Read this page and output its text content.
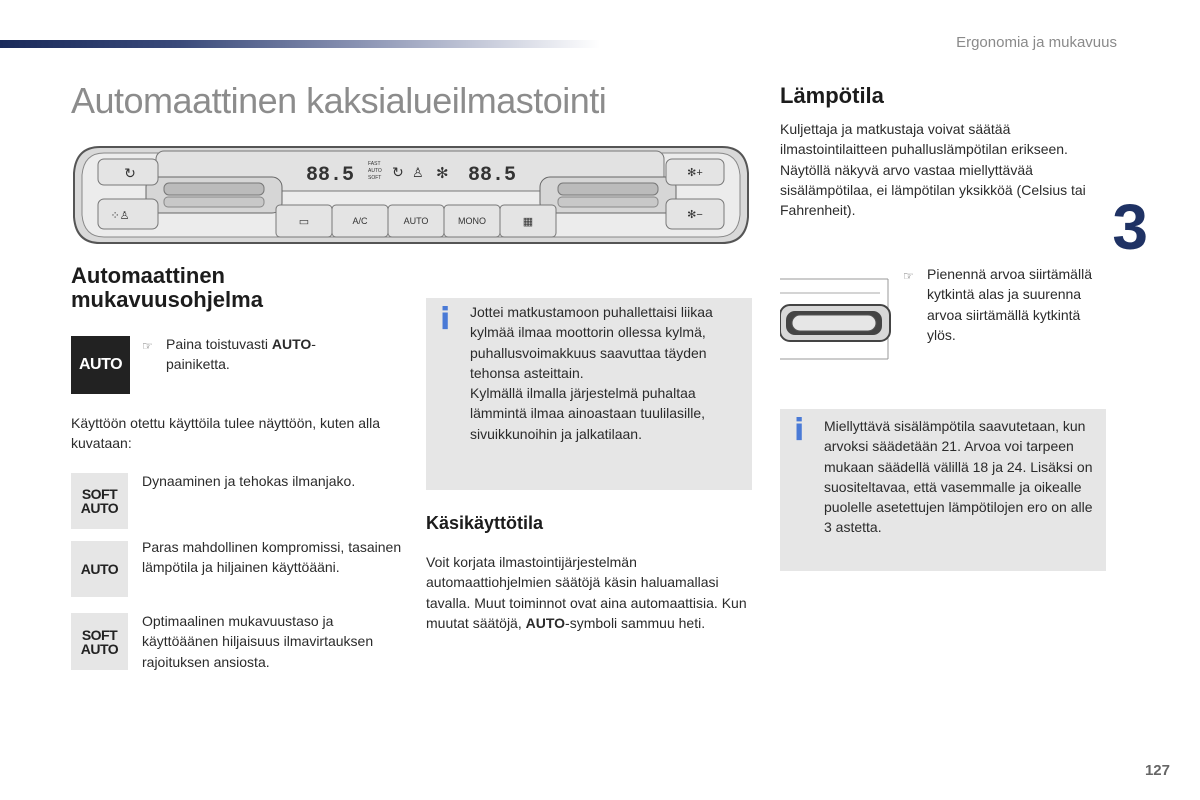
Ergonomia ja mukavuus
3
127
Automaattinen kaksialueilmastointi
↻
⁘♙
✻+
✻−
88.5	FAST
AUTO
SOFT ↻ ♙ ✻ 88.5
▭	A/C	AUTO	MONO	▦
Automaattinen mukavuusohjelma
AUTO
☞ Paina toistuvasti AUTO-painiketta.
Käyttöön otettu käyttöila tulee näyttöön, kuten alla kuvataan:
SOFT
AUTO
Dynaaminen ja tehokas ilmanjako.
AUTO
Paras mahdollinen kompromissi, tasainen lämpötila ja hiljainen käyttöääni.
SOFT
AUTO
Optimaalinen mukavuustaso ja käyttöäänen hiljaisuus ilmavirtauksen rajoituksen ansiosta.
i Jottei matkustamoon puhallettaisi liikaa kylmää ilmaa moottorin ollessa kylmä, puhallusvoimakkuus saavuttaa täyden tehonsa asteittain.
Kylmällä ilmalla järjestelmä puhaltaa lämmintä ilmaa ainoastaan tuulilasille, sivuikkunoihin ja jalkatilaan.
Käsikäyttötila
Voit korjata ilmastointijärjestelmän automaattiohjelmien säätöjä käsin haluamallasi tavalla. Muut toiminnot ovat aina automaattisia. Kun muutat säätöjä, AUTO-symboli sammuu heti.
Lämpötila
Kuljettaja ja matkustaja voivat säätää ilmastointilaitteen puhalluslämpötilan erikseen. Näytöllä näkyvä arvo vastaa miellyttävää sisälämpötilaa, ei lämpötilan yksikköä (Celsius tai Fahrenheit).
☞ Pienennä arvoa siirtämällä kytkintä alas ja suurenna arvoa siirtämällä kytkintä ylös.
i Miellyttävä sisälämpötila saavutetaan, kun arvoksi säädetään 21. Arvoa voi tarpeen mukaan säädellä välillä 18 ja 24. Lisäksi on suositeltavaa, että vasemmalle ja oikealle puolelle asetettujen lämpötilojen ero on alle 3 astetta.
